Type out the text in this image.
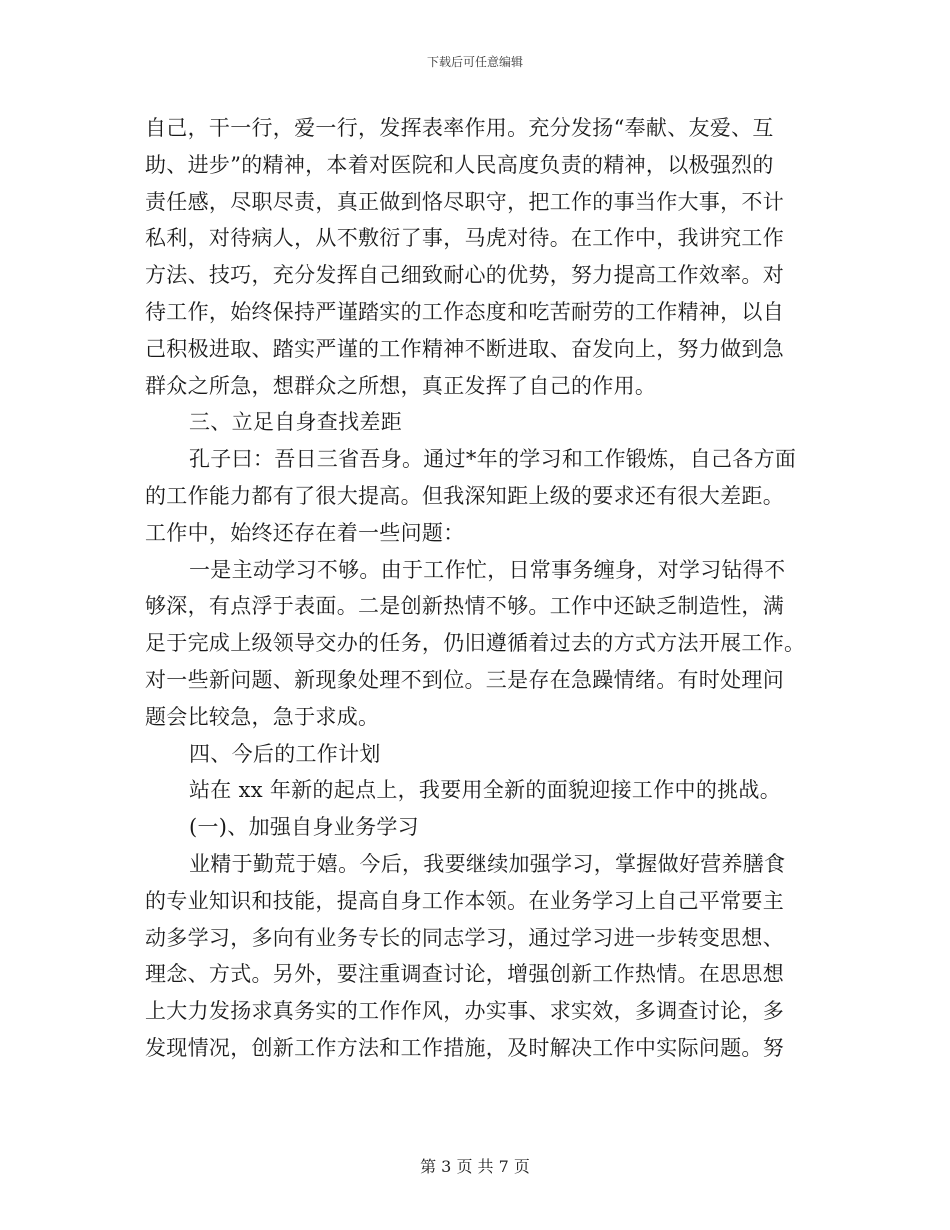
下载后可任意编辑
自己，干一行，爱一行，发挥表率作用。充分发扬“奉献、友爱、互
助、进步”的精神，本着对医院和人民高度负责的精神，以极强烈的
责任感，尽职尽责，真正做到恪尽职守，把工作的事当作大事，不计
私利，对待病人，从不敷衍了事，马虎对待。在工作中，我讲究工作
方法、技巧，充分发挥自己细致耐心的优势，努力提高工作效率。对
待工作，始终保持严谨踏实的工作态度和吃苦耐劳的工作精神，以自
己积极进取、踏实严谨的工作精神不断进取、奋发向上，努力做到急
群众之所急，想群众之所想，真正发挥了自己的作用。
三、立足自身查找差距
孔子曰：吾日三省吾身。通过*年的学习和工作锻炼，自己各方面
的工作能力都有了很大提高。但我深知距上级的要求还有很大差距。
工作中，始终还存在着一些问题：
一是主动学习不够。由于工作忙，日常事务缠身，对学习钻得不
够深，有点浮于表面。二是创新热情不够。工作中还缺乏制造性，满
足于完成上级领导交办的任务，仍旧遵循着过去的方式方法开展工作。
对一些新问题、新现象处理不到位。三是存在急躁情绪。有时处理问
题会比较急，急于求成。
四、今后的工作计划
站在 xx 年新的起点上，我要用全新的面貌迎接工作中的挑战。
(一)、加强自身业务学习
业精于勤荒于嬉。今后，我要继续加强学习，掌握做好营养膳食
的专业知识和技能，提高自身工作本领。在业务学习上自己平常要主
动多学习，多向有业务专长的同志学习，通过学习进一步转变思想、
理念、方式。另外，要注重调查讨论，增强创新工作热情。在思思想
上大力发扬求真务实的工作作风，办实事、求实效，多调查讨论，多
发现情况，创新工作方法和工作措施，及时解决工作中实际问题。努
第 3 页 共 7 页
